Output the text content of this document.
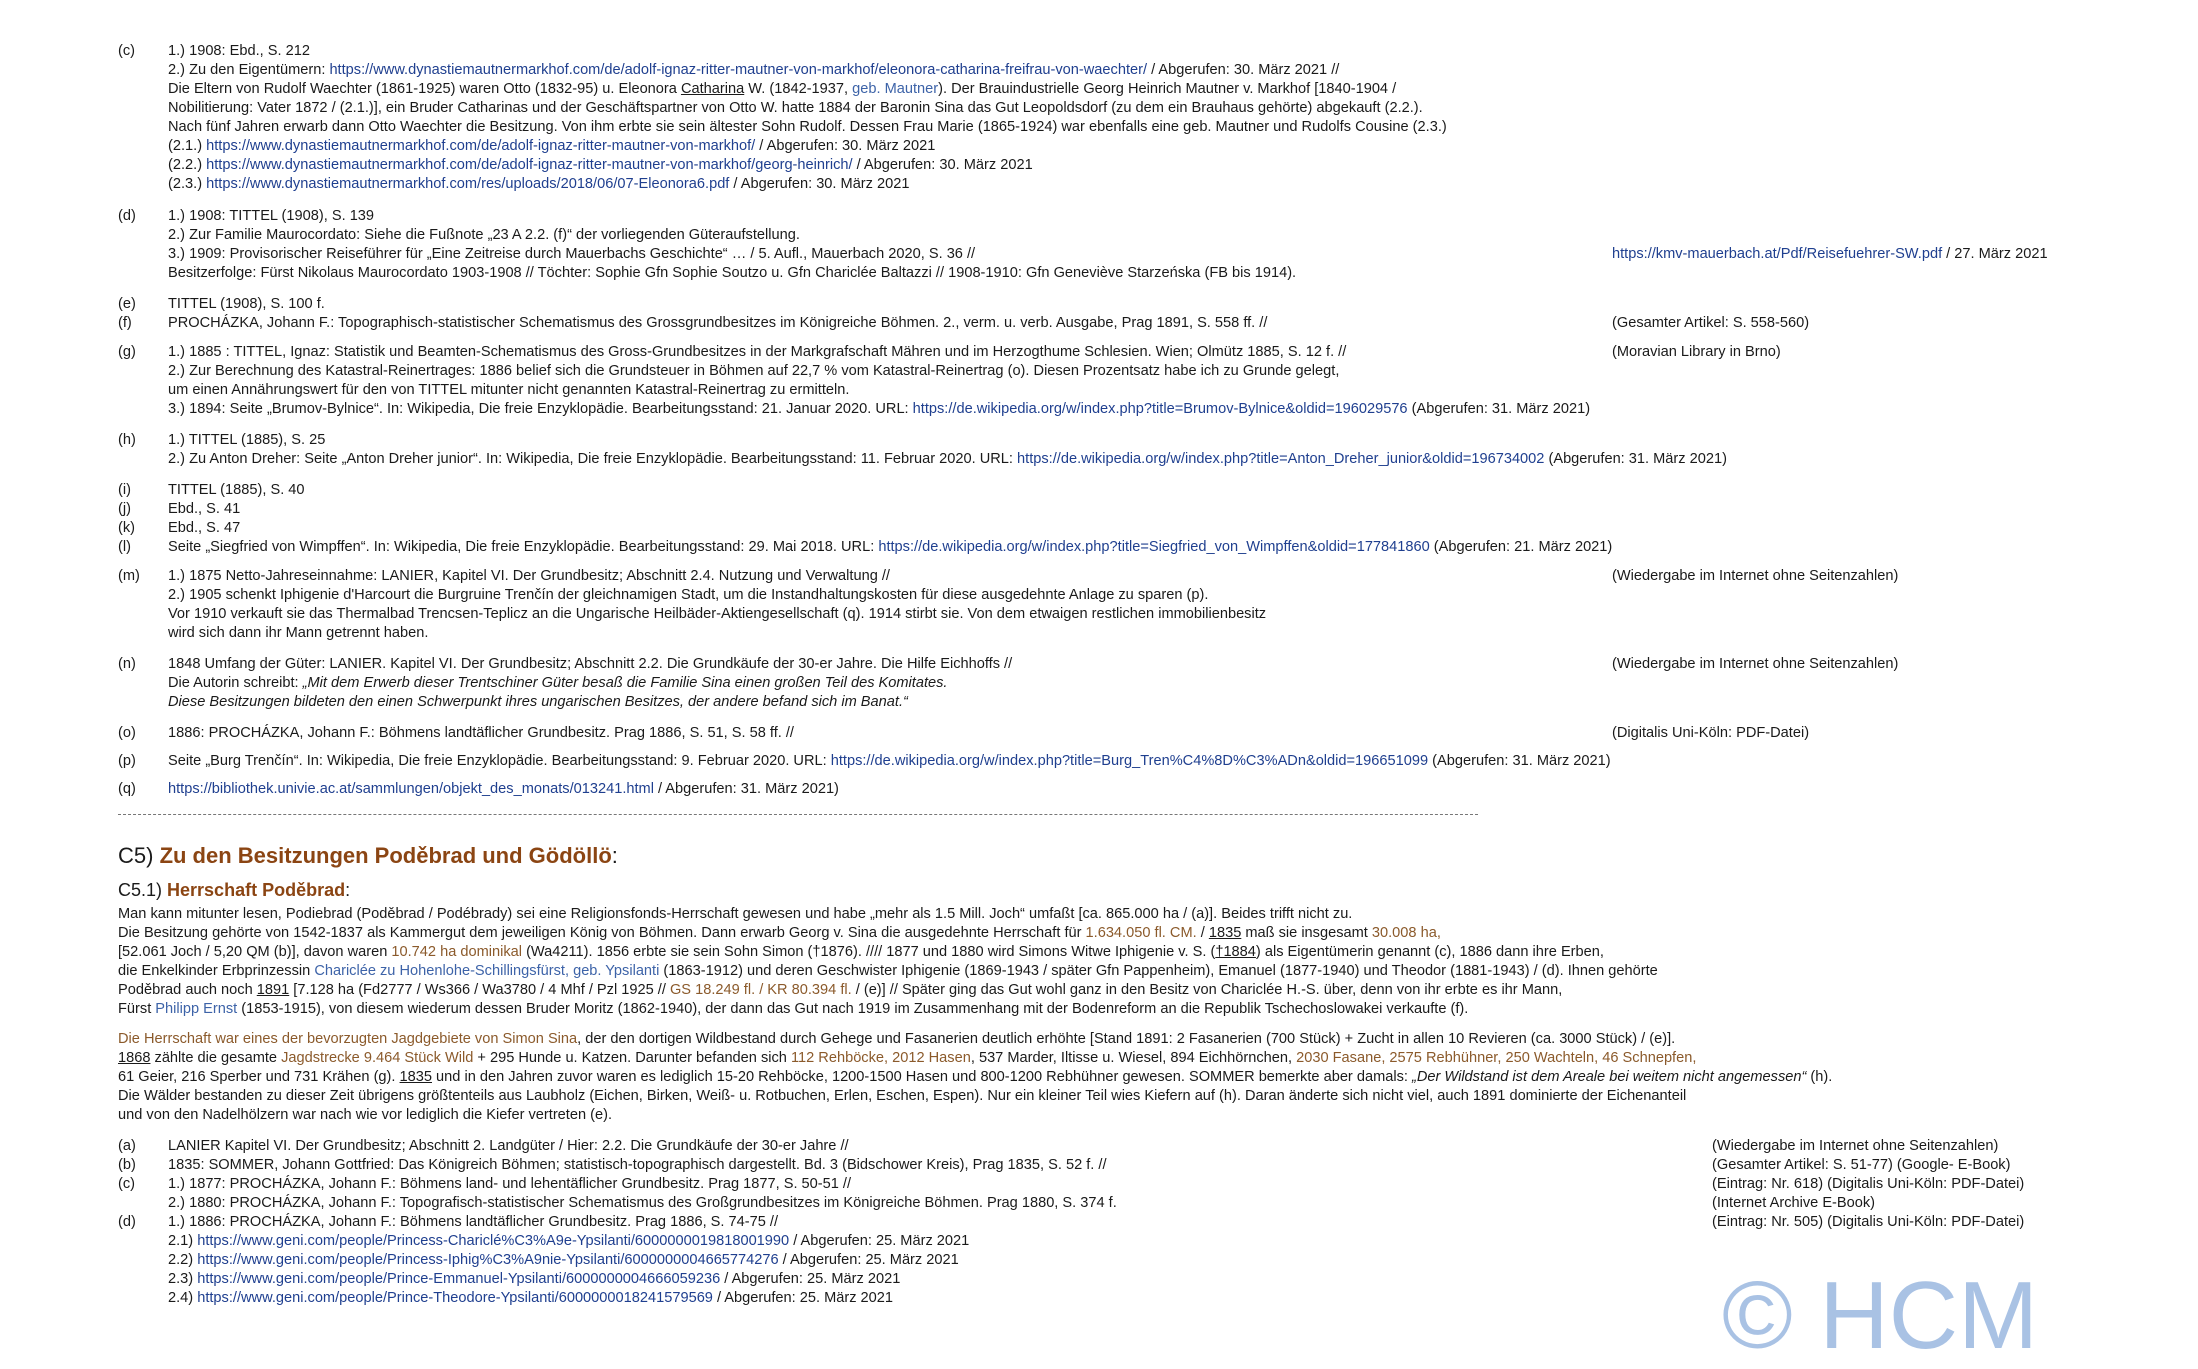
(c) 1.) 1908: Ebd., S. 212
2.) Zu den Eigentümern: https://www.dynastiemautnermarkhof.com/de/adolf-ignaz-ritter-mautner-von-markhof/eleonora-catharina-freifrau-von-waechter/ / Abgerufen: 30. März 2021 //
Die Eltern von Rudolf Waechter (1861-1925) waren Otto (1832-95) u. Eleonora Catharina W. (1842-1937, geb. Mautner). Der Brauindustrielle Georg Heinrich Mautner v. Markhof [1840-1904 /
Nobilitierung: Vater 1872 / (2.1.)], ein Bruder Catharinas und der Geschäftspartner von Otto W. hatte 1884 der Baronin Sina das Gut Leopoldsdorf (zu dem ein Brauhaus gehörte) abgekauft (2.2.).
Nach fünf Jahren erwarb dann Otto Waechter die Besitzung. Von ihm erbte sie sein ältester Sohn Rudolf. Dessen Frau Marie (1865-1924) war ebenfalls eine geb. Mautner und Rudolfs Cousine (2.3.)
(2.1.) https://www.dynastiemautnermarkhof.com/de/adolf-ignaz-ritter-mautner-von-markhof/ / Abgerufen: 30. März 2021
(2.2.) https://www.dynastiemautnermarkhof.com/de/adolf-ignaz-ritter-mautner-von-markhof/georg-heinrich/ / Abgerufen: 30. März 2021
(2.3.) https://www.dynastiemautnermarkhof.com/res/uploads/2018/06/07-Eleonora6.pdf / Abgerufen: 30. März 2021
(d) 1.) 1908: TITTEL (1908), S. 139
2.) Zur Familie Maurocordato: Siehe die Fußnote „23 A 2.2. (f)“ der vorliegenden Güteraufstellung.
3.) 1909: Provisorischer Reiseführer für „Eine Zeitreise durch Mauerbachs Geschichte“ … / 5. Aufl., Mauerbach 2020, S. 36 //	https://kmv-mauerbach.at/Pdf/Reisefuehrer-SW.pdf / 27. März 2021
Besitzerfolge: Fürst Nikolaus Maurocordato 1903-1908 // Töchter: Sophie Gfn Sophie Soutzo u. Gfn Chariclée Baltazzi // 1908-1910: Gfn Geneviève Starzeńska (FB bis 1914).
(e) TITTEL (1908), S. 100 f.
(f) PROCHÁZKA, Johann F.: Topographisch-statistischer Schematismus des Grossgrundbesitzes im Königreiche Böhmen. 2., verm. u. verb. Ausgabe, Prag 1891, S. 558 ff. //	(Gesamter Artikel: S. 558-560)
(g) 1.) 1885 : TITTEL, Ignaz: Statistik und Beamten-Schematismus des Gross-Grundbesitzes in der Markgrafschaft Mähren und im Herzogthume Schlesien. Wien; Olmütz 1885, S. 12 f. //	(Moravian Library in Brno)
2.) Zur Berechnung des Katastral-Reinertrages: 1886 belief sich die Grundsteuer in Böhmen auf 22,7 % vom Katastral-Reinertrag (o). Diesen Prozentsatz habe ich zu Grunde gelegt,
um einen Annährungswert für den von TITTEL mitunter nicht genannten Katastral-Reinertrag zu ermitteln.
3.) 1894: Seite „Brumov-Bylnice“. In: Wikipedia, Die freie Enzyklopädie. Bearbeitungsstand: 21. Januar 2020. URL: https://de.wikipedia.org/w/index.php?title=Brumov-Bylnice&oldid=196029576 (Abgerufen: 31. März 2021)
(h) 1.) TITTEL (1885), S. 25
2.) Zu Anton Dreher: Seite „Anton Dreher junior“. In: Wikipedia, Die freie Enzyklopädie. Bearbeitungsstand: 11. Februar 2020. URL: https://de.wikipedia.org/w/index.php?title=Anton_Dreher_junior&oldid=196734002 (Abgerufen: 31. März 2021)
(i)	TITTEL (1885), S. 40
(j)	Ebd., S. 41
(k) Ebd., S. 47
(l)	Seite „Siegfried von Wimpffen“. In: Wikipedia, Die freie Enzyklopädie. Bearbeitungsstand: 29. Mai 2018. URL: https://de.wikipedia.org/w/index.php?title=Siegfried_von_Wimpffen&oldid=177841860 (Abgerufen: 21. März 2021)
(m) 1.) 1875 Netto-Jahreseinnahme: LANIER, Kapitel VI. Der Grundbesitz; Abschnitt 2.4. Nutzung und Verwaltung //	(Wiedergabe im Internet ohne Seitenzahlen)
2.) 1905 schenkt Iphigenie d'Harcourt die Burgruine Trenčín der gleichnamigen Stadt, um die Instandhaltungskosten für diese ausgedehnte Anlage zu sparen (p).
Vor 1910 verkauft sie das Thermalbad Trencsen-Teplicz an die Ungarische Heilbäder-Aktiengesellschaft (q). 1914 stirbt sie. Von dem etwaigen restlichen immobilienbesitz
wird sich dann ihr Mann getrennt haben.
(n) 1848 Umfang der Güter: LANIER. Kapitel VI. Der Grundbesitz; Abschnitt 2.2. Die Grundkäufe der 30-er Jahre. Die Hilfe Eichhoffs //	(Wiedergabe im Internet ohne Seitenzahlen)
Die Autorin schreibt: „Mit dem Erwerb dieser Trentschiner Güter besaß die Familie Sina einen großen Teil des Komitates.
Diese Besitzungen bildeten den einen Schwerpunkt ihres ungarischen Besitzes, der andere befand sich im Banat.“
(o) 1886: PROCHÁZKA, Johann F.: Böhmens landtäflicher Grundbesitz. Prag 1886, S. 51, S. 58 ff. //	(Digitalis Uni-Köln: PDF-Datei)
(p) Seite „Burg Trenčín“. In: Wikipedia, Die freie Enzyklopädie. Bearbeitungsstand: 9. Februar 2020. URL: https://de.wikipedia.org/w/index.php?title=Burg_Tren%C4%8D%C3%ADn&oldid=196651099 (Abgerufen: 31. März 2021)
(q) https://bibliothek.univie.ac.at/sammlungen/objekt_des_monats/013241.html / Abgerufen: 31. März 2021)
C5) Zu den Besitzungen Poděbrad und Gödöllö:
C5.1) Herrschaft Poděbrad:
Man kann mitunter lesen, Podiebrad (Poděbrad / Podébrady) sei eine Religionsfonds-Herrschaft gewesen und habe „mehr als 1.5 Mill. Joch“ umfaßt [ca. 865.000 ha / (a)]. Beides trifft nicht zu.
Die Besitzung gehörte von 1542-1837 als Kammergut dem jeweiligen König von Böhmen. Dann erwarb Georg v. Sina die ausgedehnte Herrschaft für 1.634.050 fl. CM. / 1835 maß sie insgesamt 30.008 ha,
[52.061 Joch / 5,20 QM (b)], davon waren 10.742 ha dominikal (Wa4211). 1856 erbte sie sein Sohn Simon (†1876). //// 1877 und 1880 wird Simons Witwe Iphigenie v. S. (†1884) als Eigentümerin genannt (c), 1886 dann ihre Erben,
die Enkelkinder Erbprinzessin Chariclée zu Hohenlohe-Schillingsfürst, geb. Ypsilanti (1863-1912) und deren Geschwister Iphigenie (1869-1943 / später Gfn Pappenheim), Emanuel (1877-1940) und Theodor (1881-1943) / (d). Ihnen gehörte
Poděbrad auch noch 1891 [7.128 ha (Fd2777 / Ws366 / Wa3780 / 4 Mhf / Pzl 1925 // GS 18.249 fl. / KR 80.394 fl. / (e)] // Später ging das Gut wohl ganz in den Besitz von Chariclée H.-S. über, denn von ihr erbte es ihr Mann,
Fürst Philipp Ernst (1853-1915), von diesem wiederum dessen Bruder Moritz (1862-1940), der dann das Gut nach 1919 im Zusammenhang mit der Bodenreform an die Republik Tschechoslowakei verkaufte (f).
Die Herrschaft war eines der bevorzugten Jagdgebiete von Simon Sina, der den dortigen Wildbestand durch Gehege und Fasanerien deutlich erhöhte [Stand 1891: 2 Fasanerien (700 Stück) + Zucht in allen 10 Revieren (ca. 3000 Stück) / (e)].
1868 zählte die gesamte Jagdstrecke 9.464 Stück Wild + 295 Hunde u. Katzen. Darunter befanden sich 112 Rehböcke, 2012 Hasen, 537 Marder, Iltisse u. Wiesel, 894 Eichhörnchen, 2030 Fasane, 2575 Rebhühner, 250 Wachteln, 46 Schnepfen,
61 Geier, 216 Sperber und 731 Krähen (g). 1835 und in den Jahren zuvor waren es lediglich 15-20 Rehböcke, 1200-1500 Hasen und 800-1200 Rebhühner gewesen. SOMMER bemerkte aber damals: „Der Wildstand ist dem Areale bei weitem nicht angemessen“ (h).
Die Wälder bestanden zu dieser Zeit übrigens größtenteils aus Laubholz (Eichen, Birken, Weiß- u. Rotbuchen, Erlen, Eschen, Espen). Nur ein kleiner Teil wies Kiefern auf (h). Daran änderte sich nicht viel, auch 1891 dominierte der Eichenanteil
und von den Nadelhölzern war nach wie vor lediglich die Kiefer vertreten (e).
(a) LANIER Kapitel VI. Der Grundbesitz; Abschnitt 2. Landgüter / Hier: 2.2. Die Grundkäufe der 30-er Jahre //	(Wiedergabe im Internet ohne Seitenzahlen)
(b) 1835: SOMMER, Johann Gottfried: Das Königreich Böhmen; statistisch-topographisch dargestellt. Bd. 3 (Bidschower Kreis), Prag 1835, S. 52 f. //	(Gesamter Artikel: S. 51-77) (Google- E-Book)
(c) 1.) 1877: PROCHÁZKA, Johann F.: Böhmens land- und lehentäflicher Grundbesitz. Prag 1877, S. 50-51 //	(Eintrag: Nr. 618) (Digitalis Uni-Köln: PDF-Datei)
2.) 1880: PROCHÁZKA, Johann F.: Topografisch-statistischer Schematismus des Großgrundbesitzes im Königreiche Böhmen. Prag 1880, S. 374 f.	(Internet Archive E-Book)
(d) 1.) 1886: PROCHÁZKA, Johann F.: Böhmens landtäflicher Grundbesitz. Prag 1886, S. 74-75 //	(Eintrag: Nr. 505) (Digitalis Uni-Köln: PDF-Datei)
2.1) https://www.geni.com/people/Princess-Chariclé%C3%A9e-Ypsilanti/6000000019818001990 / Abgerufen: 25. März 2021
2.2) https://www.geni.com/people/Princess-Iphig%C3%A9nie-Ypsilanti/6000000004665774276 / Abgerufen: 25. März 2021
2.3) https://www.geni.com/people/Prince-Emmanuel-Ypsilanti/6000000004666059236 / Abgerufen: 25. März 2021
2.4) https://www.geni.com/people/Prince-Theodore-Ypsilanti/6000000018241579569 / Abgerufen: 25. März 2021	© HCM
